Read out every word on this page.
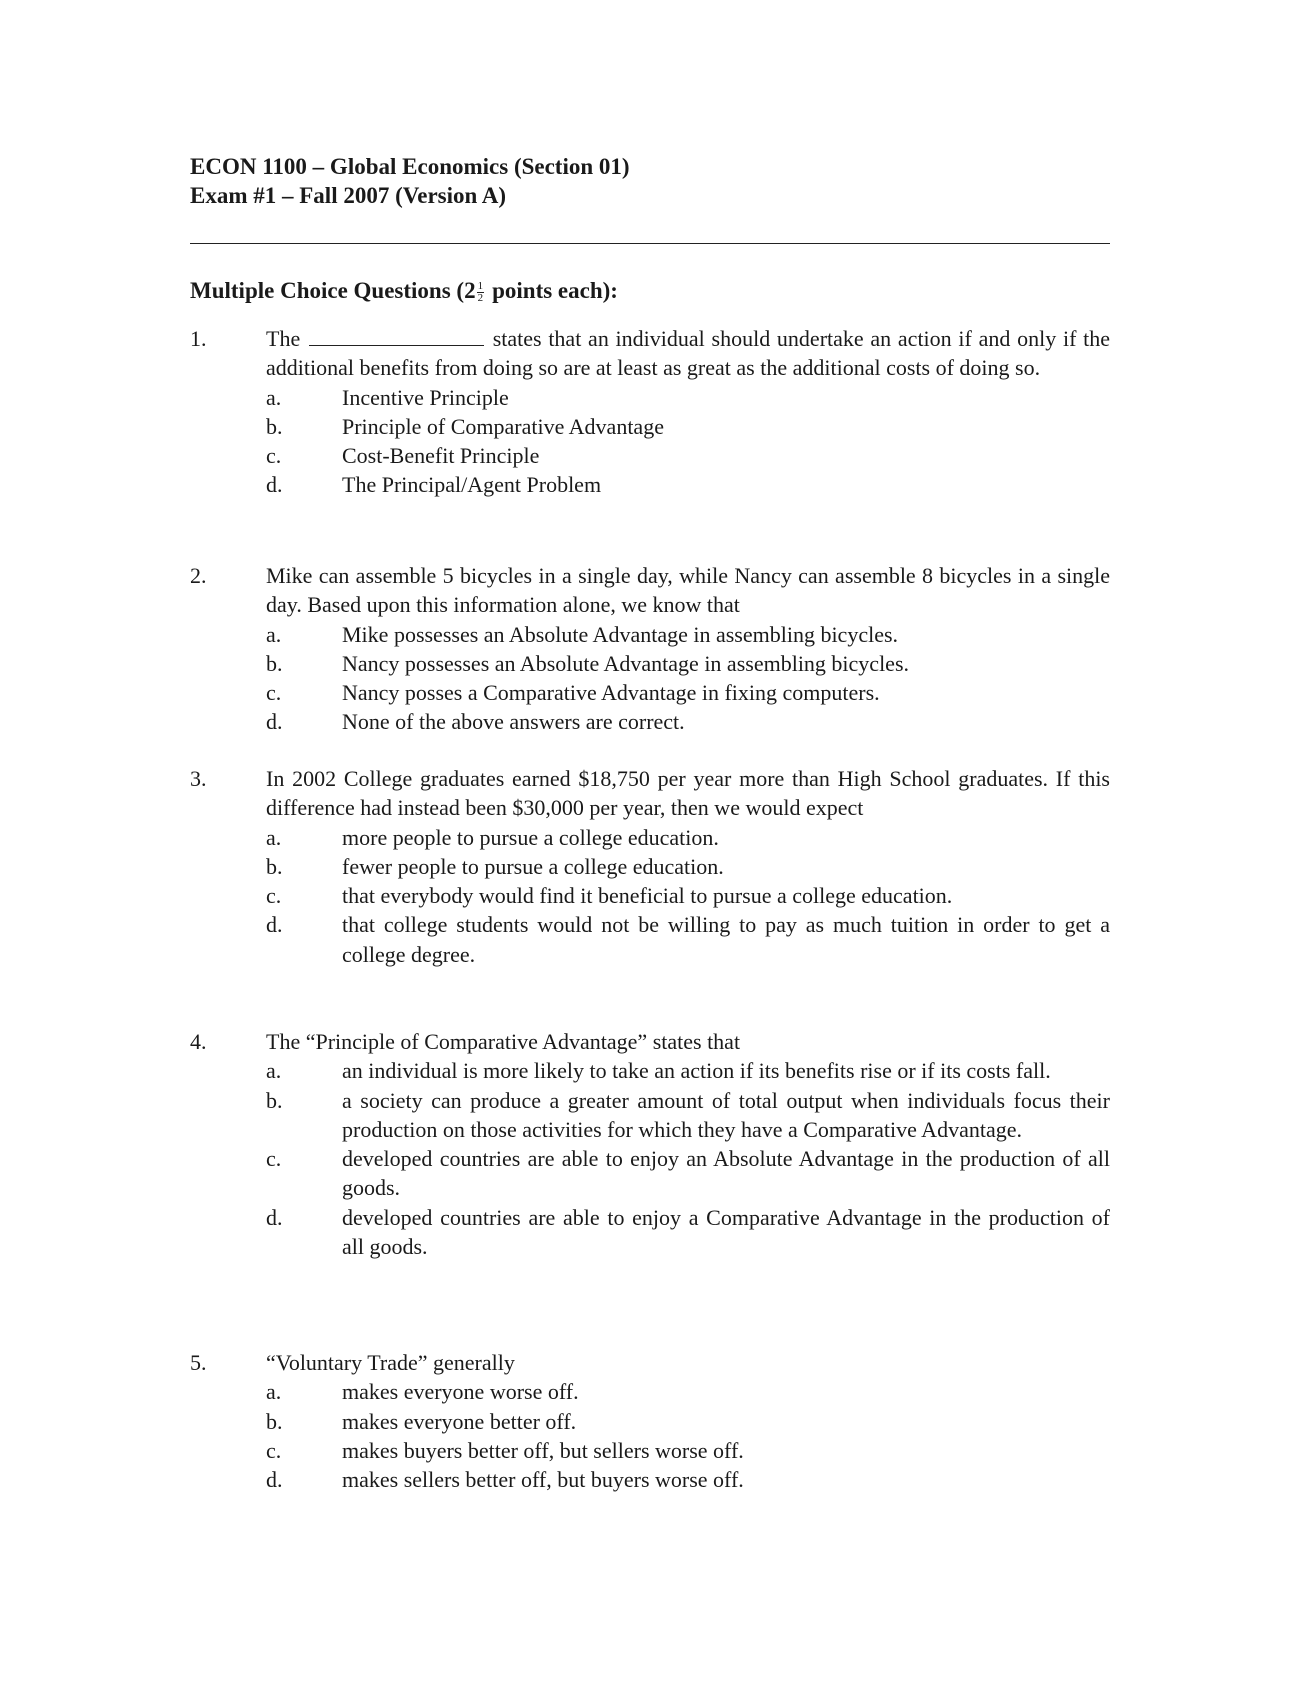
ECON 1100 – Global Economics (Section 01)
Exam #1 – Fall 2007 (Version A)
Multiple Choice Questions ($2 \frac{1}{2}$ points each):
1.	The	states that an individual should undertake an action if and only if the additional benefits from doing so are at least as great as the additional costs of doing so.
a.	Incentive Principle
b.	Principle of Comparative Advantage
c.	Cost-Benefit Principle
d.	The Principal/Agent Problem
2.	Mike can assemble 5 bicycles in a single day, while Nancy can assemble 8 bicycles in a single day. Based upon this information alone, we know that
a.	Mike possesses an Absolute Advantage in assembling bicycles.
b.	Nancy possesses an Absolute Advantage in assembling bicycles.
c.	Nancy posses a Comparative Advantage in fixing computers.
d.	None of the above answers are correct.
3.	In 2002 College graduates earned $18,750 per year more than High School graduates. If this difference had instead been $30,000 per year, then we would expect
a.	more people to pursue a college education.
b.	fewer people to pursue a college education.
c.	that everybody would find it beneficial to pursue a college education.
d.	that college students would not be willing to pay as much tuition in order to get a college degree.
4.	The “Principle of Comparative Advantage” states that
a.	an individual is more likely to take an action if its benefits rise or if its costs fall.
b.	a society can produce a greater amount of total output when individuals focus their production on those activities for which they have a Comparative Advantage.
c.	developed countries are able to enjoy an Absolute Advantage in the production of all goods.
d.	developed countries are able to enjoy a Comparative Advantage in the production of all goods.
5.	“Voluntary Trade” generally
a.	makes everyone worse off.
b.	makes everyone better off.
c.	makes buyers better off, but sellers worse off.
d.	makes sellers better off, but buyers worse off.
